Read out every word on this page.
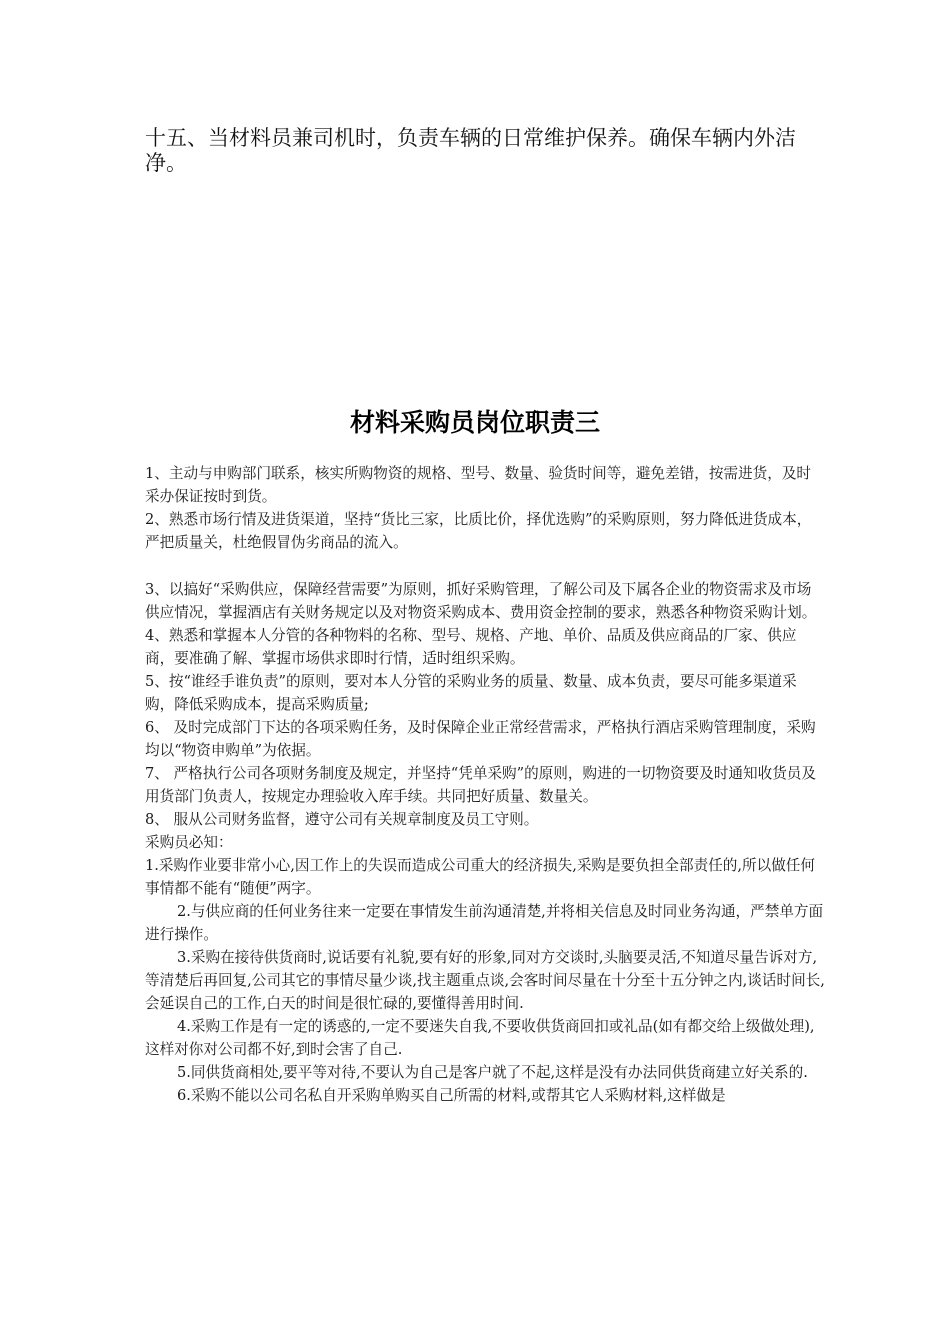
十五、当材料员兼司机时，负责车辆的日常维护保养。确保车辆内外洁净。
材料采购员岗位职责三

1、主动与申购部门联系，核实所购物资的规格、型号、数量、验货时间等，避免差错，按需进货，及时采办保证按时到货。

2、熟悉市场行情及进货渠道，坚持“货比三家，比质比价，择优选购”的采购原则，努力降低进货成本，严把质量关，杜绝假冒伪劣商品的流入。

3、以搞好“采购供应，保障经营需要”为原则，抓好采购管理，了解公司及下属各企业的物资需求及市场供应情况，掌握酒店有关财务规定以及对物资采购成本、费用资金控制的要求，熟悉各种物资采购计划。

4、熟悉和掌握本人分管的各种物料的名称、型号、规格、产地、单价、品质及供应商品的厂家、供应商，要准确了解、掌握市场供求即时行情，适时组织采购。

5、按“谁经手谁负责”的原则，要对本人分管的采购业务的质量、数量、成本负责，要尽可能多渠道采购，降低采购成本，提高采购质量;

6、 及时完成部门下达的各项采购任务，及时保障企业正常经营需求，严格执行酒店采购管理制度，采购均以“物资申购单”为依据。

7、 严格执行公司各项财务制度及规定，并坚持“凭单采购”的原则，购进的一切物资要及时通知收货员及用货部门负责人，按规定办理验收入库手续。共同把好质量、数量关。

8、 服从公司财务监督，遵守公司有关规章制度及员工守则。

采购员必知：

1.采购作业要非常小心,因工作上的失误而造成公司重大的经济损失,采购是要负担全部责任的,所以做任何事情都不能有“随便”两字。

2.与供应商的任何业务往来一定要在事情发生前沟通清楚,并将相关信息及时同业务沟通，严禁单方面进行操作。

3.采购在接待供货商时,说话要有礼貌,要有好的形象,同对方交谈时,头脑要灵活,不知道尽量告诉对方,等清楚后再回复,公司其它的事情尽量少谈,找主题重点谈,会客时间尽量在十分至十五分钟之内,谈话时间长,会延误自己的工作,白天的时间是很忙碌的,要懂得善用时间.

4.采购工作是有一定的诱惑的,一定不要迷失自我,不要收供货商回扣或礼品(如有都交给上级做处理),这样对你对公司都不好,到时会害了自己.

5.同供货商相处,要平等对待,不要认为自己是客户就了不起,这样是没有办法同供货商建立好关系的.

6.采购不能以公司名私自开采购单购买自己所需的材料,或帮其它人采购材料,这样做是
